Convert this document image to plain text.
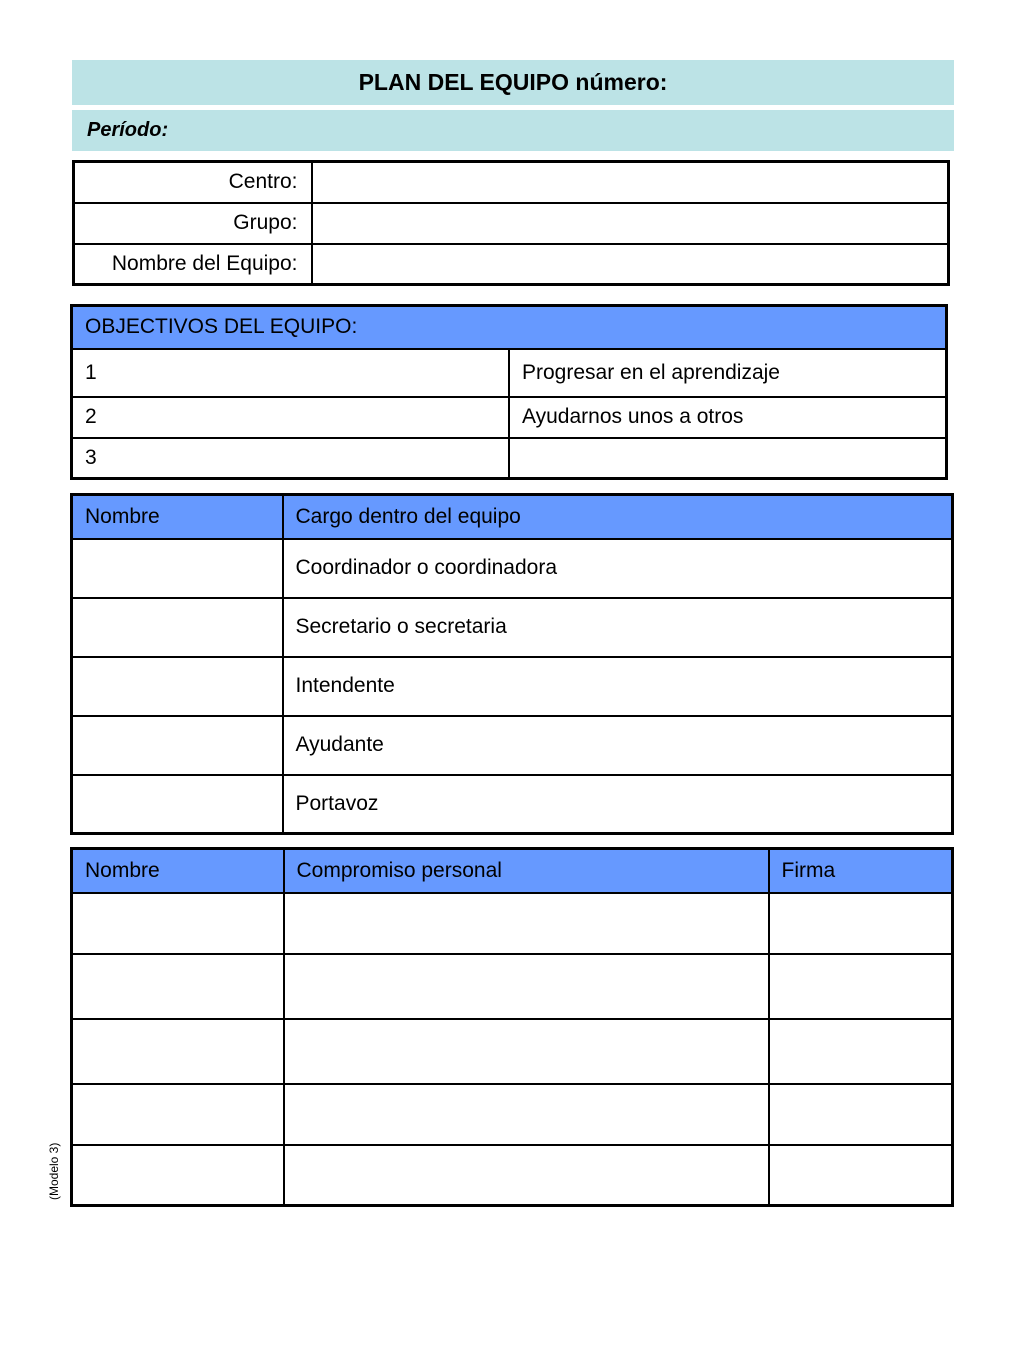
PLAN DEL EQUIPO número:
Período:
Centro:	
Grupo:	
Nombre del Equipo:	
OBJECTIVOS DEL EQUIPO:	
1	Progresar en el aprendizaje
2	Ayudarnos unos a otros
3	
Nombre	Cargo dentro del equipo
	Coordinador o coordinadora
	Secretario o secretaria
	Intendente
	Ayudante
	Portavoz
Nombre	Compromiso personal	Firma

(Modelo 3)
